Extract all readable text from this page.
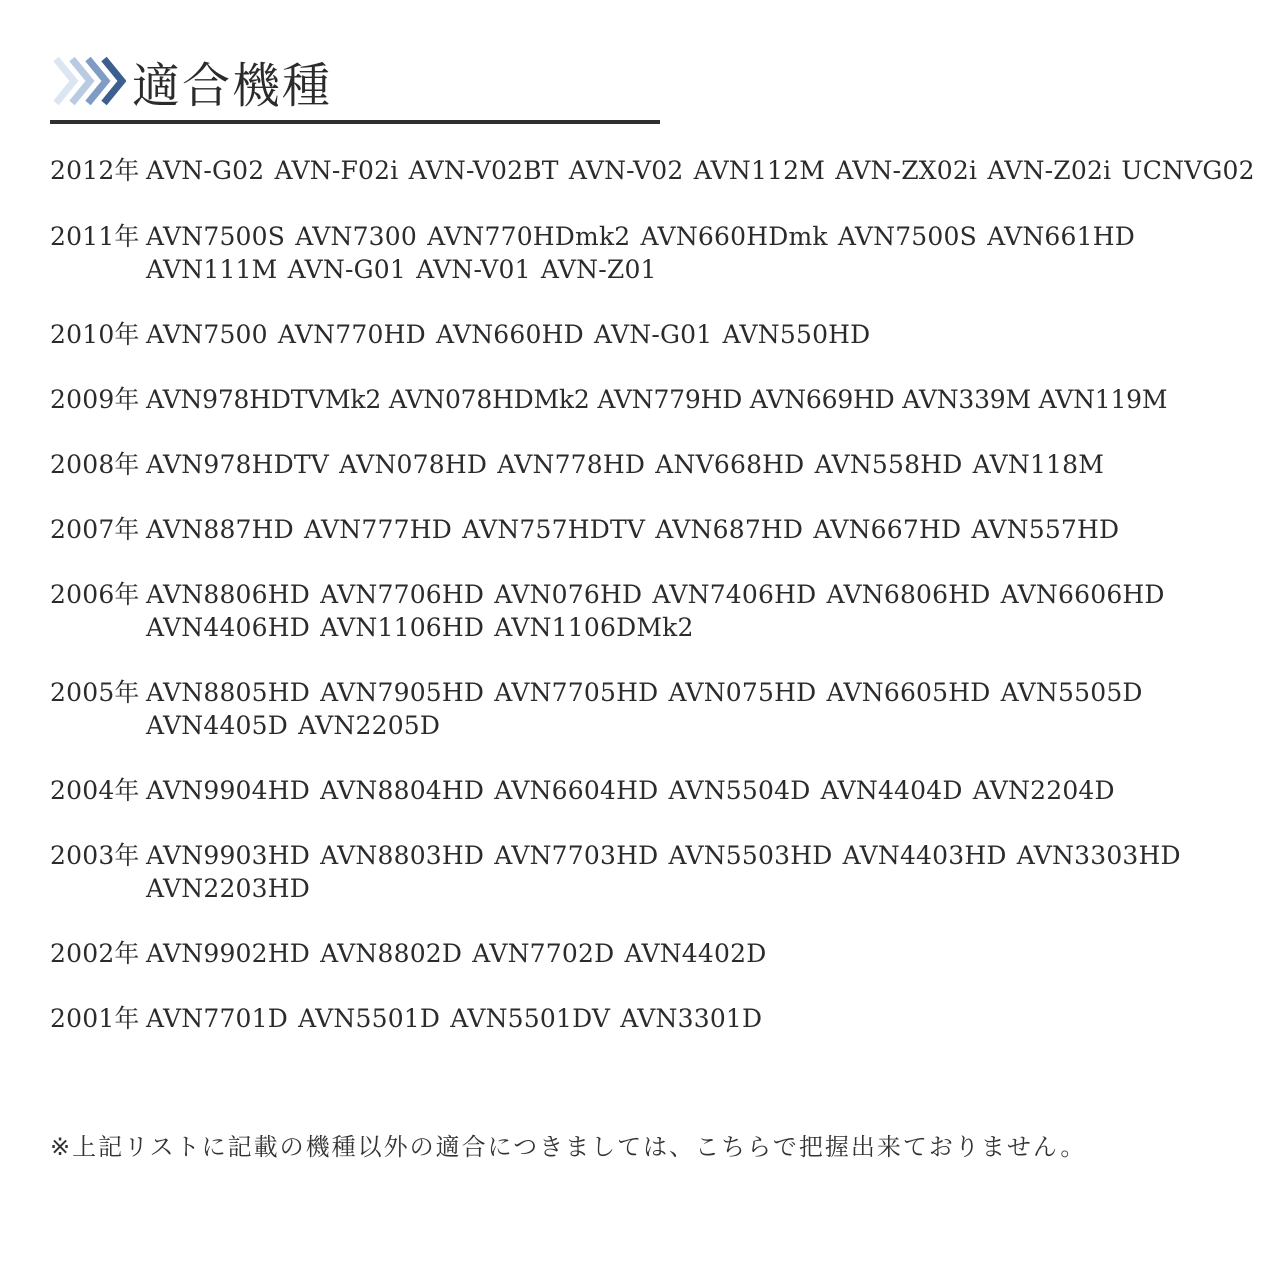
適合機種
2012年 AVN-G02 AVN-F02i AVN-V02BT AVN-V02 AVN112M AVN-ZX02i AVN-Z02i UCNVG02
2011年 AVN7500S AVN7300 AVN770HDmk2 AVN660HDmk AVN7500S AVN661HD AVN111M AVN-G01 AVN-V01 AVN-Z01
2010年 AVN7500 AVN770HD AVN660HD AVN-G01 AVN550HD
2009年 AVN978HDTVMk2 AVN078HDMk2 AVN779HD AVN669HD AVN339M AVN119M
2008年 AVN978HDTV AVN078HD AVN778HD ANV668HD AVN558HD AVN118M
2007年 AVN887HD AVN777HD AVN757HDTV AVN687HD AVN667HD AVN557HD
2006年 AVN8806HD AVN7706HD AVN076HD AVN7406HD AVN6806HD AVN6606HD AVN4406HD AVN1106HD AVN1106DMk2
2005年 AVN8805HD AVN7905HD AVN7705HD AVN075HD AVN6605HD AVN5505D AVN4405D AVN2205D
2004年 AVN9904HD AVN8804HD AVN6604HD AVN5504D AVN4404D AVN2204D
2003年 AVN9903HD AVN8803HD AVN7703HD AVN5503HD AVN4403HD AVN3303HD AVN2203HD
2002年 AVN9902HD AVN8802D AVN7702D AVN4402D
2001年 AVN7701D AVN5501D AVN5501DV AVN3301D
※上記リストに記載の機種以外の適合につきましては、こちらで把握出来ておりません。
